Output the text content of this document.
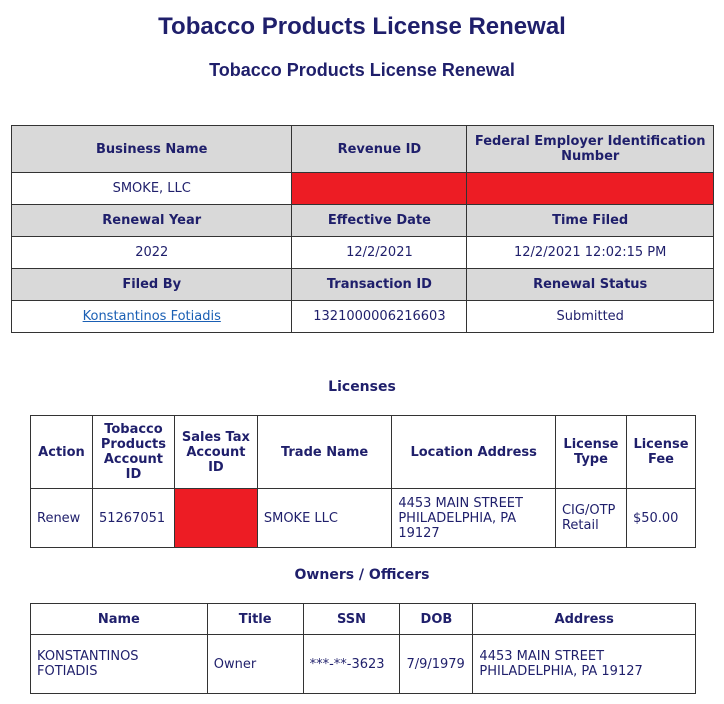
Tobacco Products License Renewal
Tobacco Products License Renewal
Business Name	Revenue ID	Federal Employer Identification Number
SMOKE, LLC		
Renewal Year	Effective Date	Time Filed
2022	12/2/2021	12/2/2021 12:02:15 PM
Filed By	Transaction ID	Renewal Status
Konstantinos Fotiadis	1321000006216603	Submitted
Licenses
Action	Tobacco Products Account ID	Sales Tax Account ID	Trade Name	Location Address	License Type	License Fee
Renew	51267051		SMOKE LLC	4453 MAIN STREET PHILADELPHIA, PA 19127	CIG/OTP Retail	$50.00
Owners / Officers
Name	Title	SSN	DOB	Address
KONSTANTINOS FOTIADIS	Owner	***-**-3623	7/9/1979	4453 MAIN STREET PHILADELPHIA, PA 19127
